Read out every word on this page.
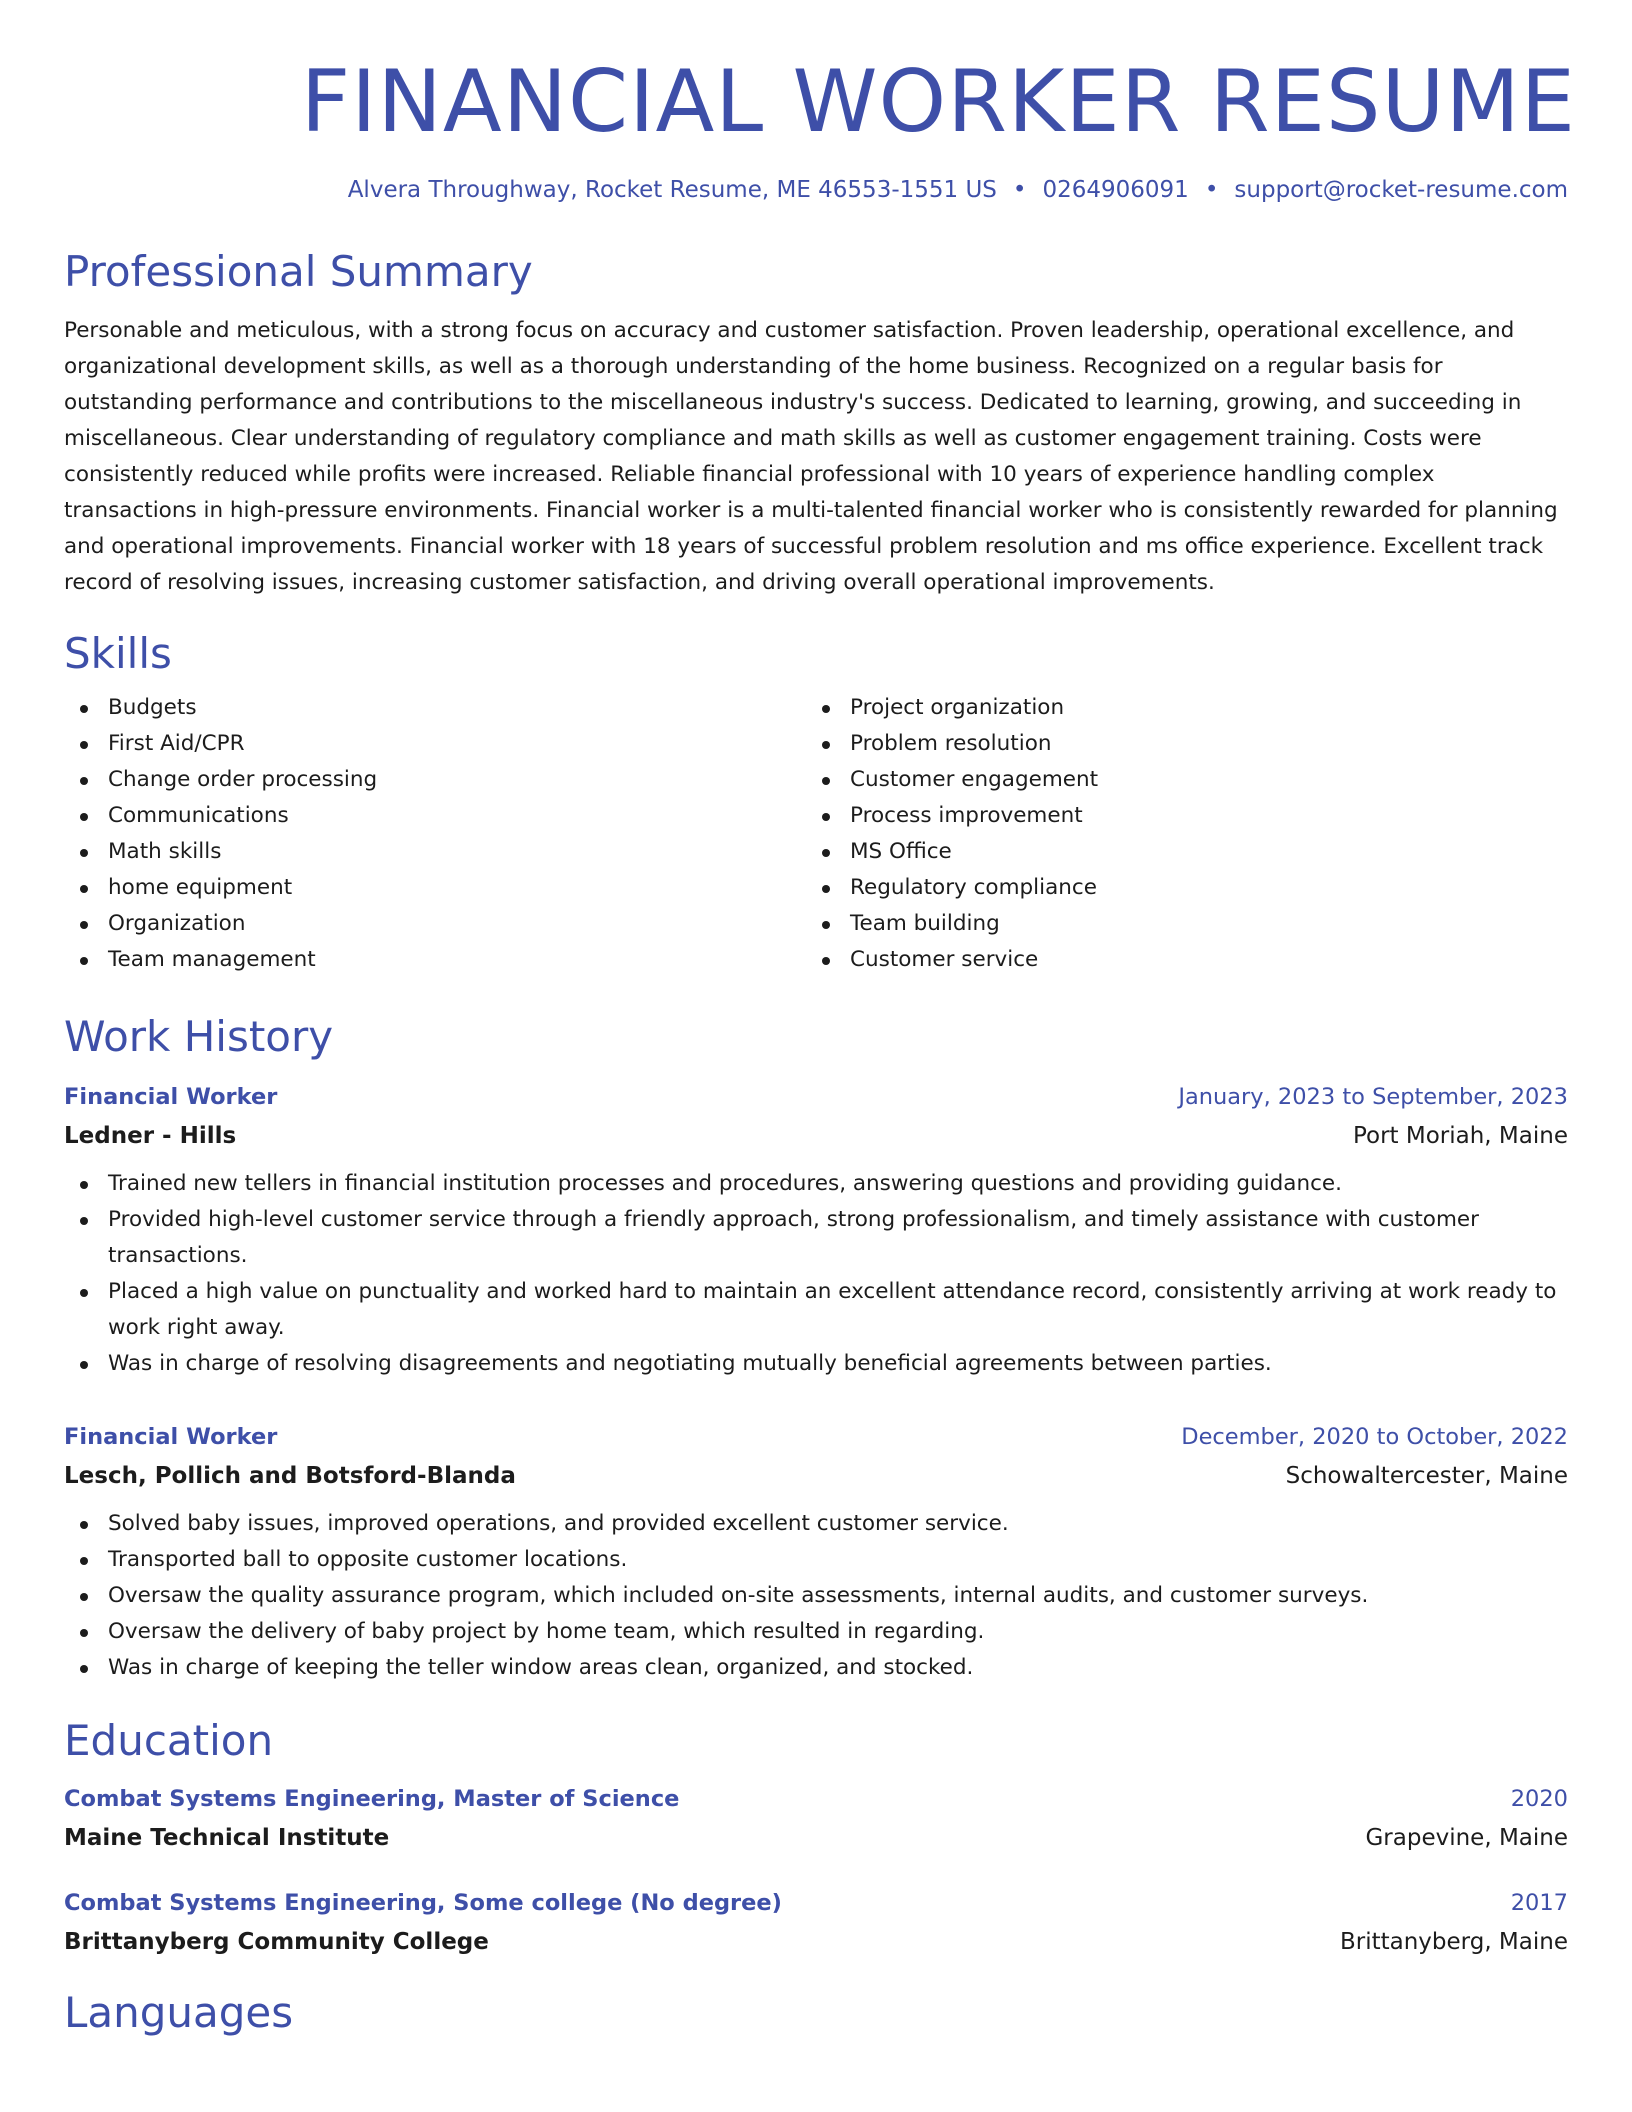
FINANCIAL WORKER RESUME
Alvera Throughway, Rocket Resume, ME 46553-1551 US • 0264906091 • support@rocket-resume.com
Professional Summary

Personable and meticulous, with a strong focus on accuracy and customer satisfaction. Proven leadership, operational excellence, and organizational development skills, as well as a thorough understanding of the home business. Recognized on a regular basis for outstanding performance and contributions to the miscellaneous industry's success. Dedicated to learning, growing, and succeeding in miscellaneous. Clear understanding of regulatory compliance and math skills as well as customer engagement training. Costs were consistently reduced while profits were increased. Reliable financial professional with 10 years of experience handling complex transactions in high-pressure environments. Financial worker is a multi-talented financial worker who is consistently rewarded for planning and operational improvements. Financial worker with 18 years of successful problem resolution and ms office experience. Excellent track record of resolving issues, increasing customer satisfaction, and driving overall operational improvements.

Skills
Budgets
First Aid/CPR
Change order processing
Communications
Math skills
home equipment
Organization
Team management
Project organization
Problem resolution
Customer engagement
Process improvement
MS Office
Regulatory compliance
Team building
Customer service
Work History
Financial Worker	January, 2023 to September, 2023
Ledner - Hills	Port Moriah, Maine
Trained new tellers in financial institution processes and procedures, answering questions and providing guidance.
Provided high-level customer service through a friendly approach, strong professionalism, and timely assistance with customer transactions.
Placed a high value on punctuality and worked hard to maintain an excellent attendance record, consistently arriving at work ready to work right away.
Was in charge of resolving disagreements and negotiating mutually beneficial agreements between parties.
Financial Worker	December, 2020 to October, 2022
Lesch, Pollich and Botsford-Blanda	Schowaltercester, Maine
Solved baby issues, improved operations, and provided excellent customer service.
Transported ball to opposite customer locations.
Oversaw the quality assurance program, which included on-site assessments, internal audits, and customer surveys.
Oversaw the delivery of baby project by home team, which resulted in regarding.
Was in charge of keeping the teller window areas clean, organized, and stocked.
Education
Combat Systems Engineering, Master of Science	2020
Maine Technical Institute	Grapevine, Maine
Combat Systems Engineering, Some college (No degree)	2017
Brittanyberg Community College	Brittanyberg, Maine
Languages
